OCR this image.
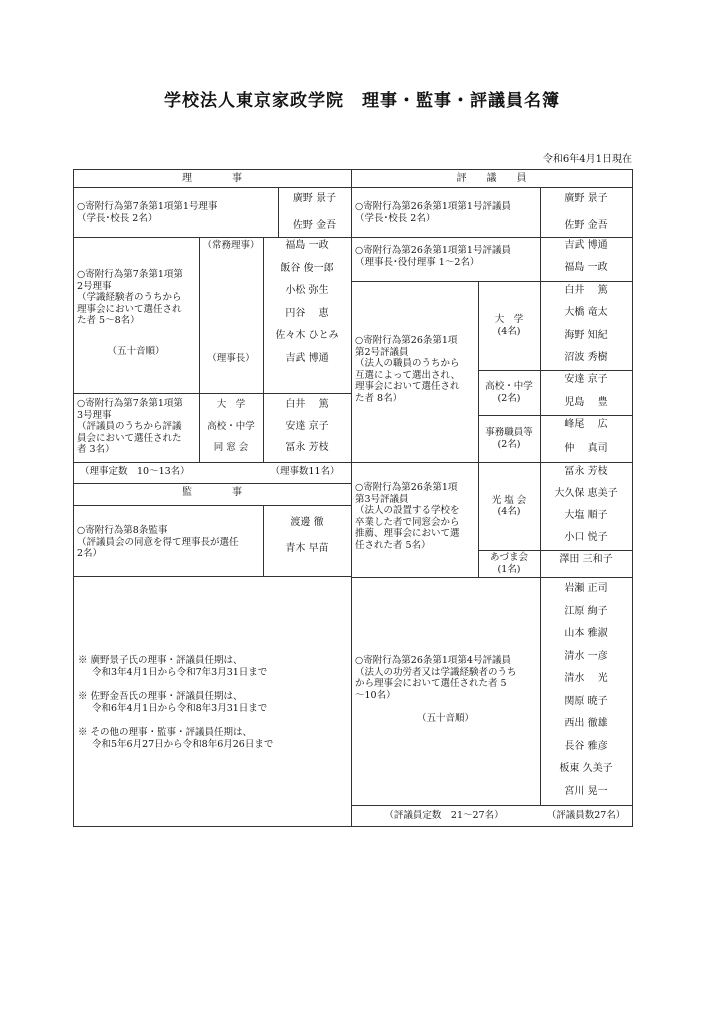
学校法人東京家政学院　理事・監事・評議員名簿
令和6年4月1日現在
理　　　　事
○寄附行為第7条第1項第1号理事
（学長･校長 2名）
廣野 景子
佐野 金吾
○寄附行為第7条第1項第
2号理事
（学識経験者のうちから
理事会において選任され
た者 5～8名）
（五十音順）
（常務理事）
（理事長）
福島 一政
飯谷 俊一郎
小松 弥生
円谷　 恵
佐々木 ひとみ
吉武 博通
○寄附行為第7条第1項第
3号理事
（評議員のうちから評議
員会において選任された
者 3名）
大　学
高校・中学
同 窓 会
白井　 篤
安達 京子
冨永 芳枝
（理事定数　10～13名）	（理事数11名）
監　　　　事
○寄附行為第8条監事
（評議員会の同意を得て理事長が選任
2名）
渡邊 徹
青木 早苗
※ 廣野景子氏の理事・評議員任期は、
令和3年4月1日から令和7年3月31日まで
※ 佐野金吾氏の理事・評議員任期は、
令和6年4月1日から令和8年3月31日まで
※ その他の理事・監事・評議員任期は、
令和5年6月27日から令和8年6月26日まで
評　　議　　員
○寄附行為第26条第1項第1号評議員
（学長･校長 2名）
廣野 景子
佐野 金吾
○寄附行為第26条第1項第1号評議員
（理事長･役付理事 1～2名）
吉武 博通
福島 一政
○寄附行為第26条第1項
第2号評議員
（法人の職員のうちから
互選によって選出され、
理事会において選任され
た者 8名）
大　学
(4名)
白井　 篤
大橋 竜太
海野 知紀
沼波 秀樹
高校・中学
(2名)
安達 京子
児島　 豊
事務職員等
(2名)
峰尾　 広
仲　 真司
○寄附行為第26条第1項
第3号評議員
（法人の設置する学校を
卒業した者で同窓会から
推薦、理事会において選
任された者 5名）
光 塩 会
(4名)
冨永 芳枝
大久保 恵美子
大塩 順子
小口 悦子
あづま会
(1名)
澤田 三和子
○寄附行為第26条第1項第4号評議員
（法人の功労者又は学識経験者のうち
から理事会において選任された者 5
～10名）
（五十音順）
岩瀬 正司
江原 絢子
山本 雅淑
清水 一彦
清水　 光
関原 暁子
西出 徹雄
長谷 雅彦
板東 久美子
宮川 晃一
（評議員定数　21～27名）	（評議員数27名）
